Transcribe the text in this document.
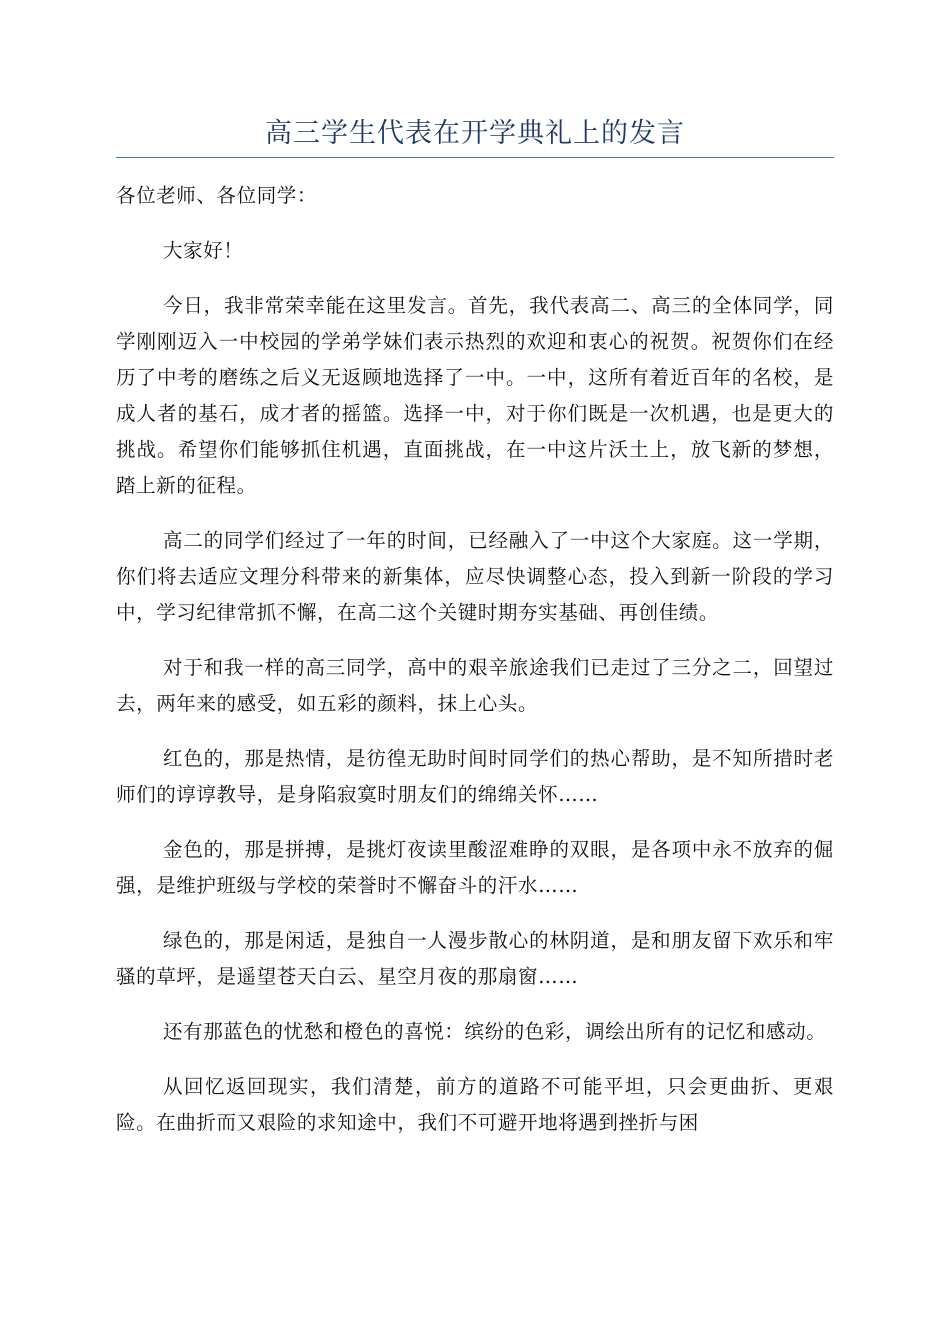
高三学生代表在开学典礼上的发言

各位老师、各位同学：

大家好！

今日，我非常荣幸能在这里发言。首先，我代表高二、高三的全体同学，同学刚刚迈入一中校园的学弟学妹们表示热烈的欢迎和衷心的祝贺。祝贺你们在经历了中考的磨练之后义无返顾地选择了一中。一中，这所有着近百年的名校，是成人者的基石，成才者的摇篮。选择一中，对于你们既是一次机遇，也是更大的挑战。希望你们能够抓住机遇，直面挑战，在一中这片沃土上，放飞新的梦想，踏上新的征程。

高二的同学们经过了一年的时间，已经融入了一中这个大家庭。这一学期，你们将去适应文理分科带来的新集体，应尽快调整心态，投入到新一阶段的学习中，学习纪律常抓不懈，在高二这个关键时期夯实基础、再创佳绩。

对于和我一样的高三同学，高中的艰辛旅途我们已走过了三分之二，回望过去，两年来的感受，如五彩的颜料，抹上心头。

红色的，那是热情，是彷徨无助时间时同学们的热心帮助，是不知所措时老师们的谆谆教导，是身陷寂寞时朋友们的绵绵关怀……

金色的，那是拼搏，是挑灯夜读里酸涩难睁的双眼，是各项中永不放弃的倔强，是维护班级与学校的荣誉时不懈奋斗的汗水……

绿色的，那是闲适，是独自一人漫步散心的林阴道，是和朋友留下欢乐和牢骚的草坪，是遥望苍天白云、星空月夜的那扇窗……

还有那蓝色的忧愁和橙色的喜悦：缤纷的色彩，调绘出所有的记忆和感动。

从回忆返回现实，我们清楚，前方的道路不可能平坦，只会更曲折、更艰险。在曲折而又艰险的求知途中，我们不可避开地将遇到挫折与困
